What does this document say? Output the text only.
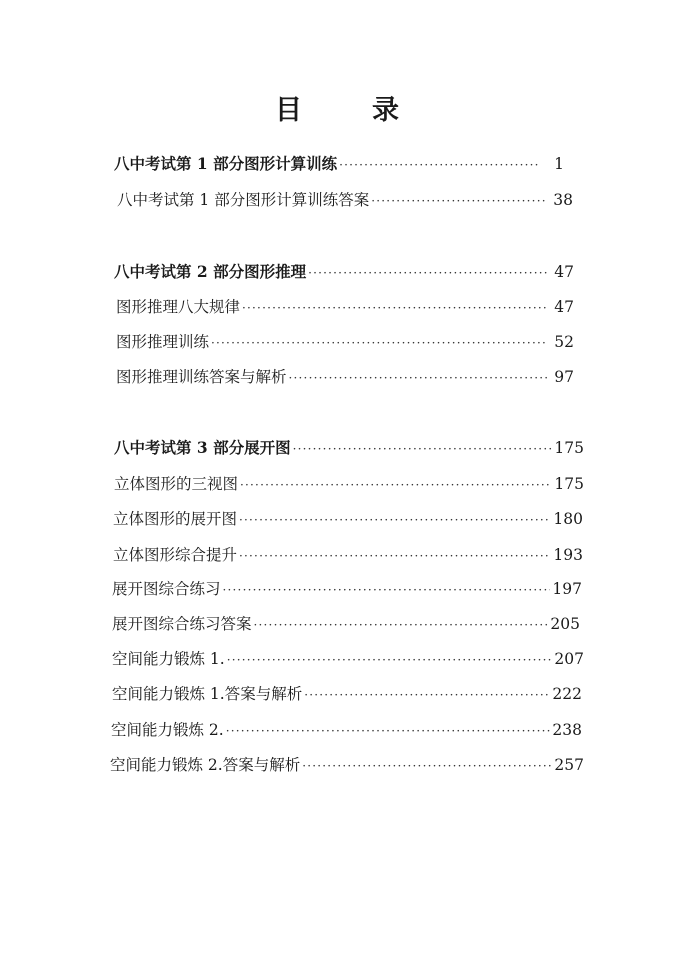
目	录
八中考试第 1 部分图形计算训练 ·····	1
八中考试第 1 部分图形计算训练答案 ·····	38
八中考试第 2 部分图形推理 ·····	47
图形推理八大规律 ·····	47
图形推理训练 ·····	52
图形推理训练答案与解析 ·····	97
八中考试第 3 部分展开图 ·····	175
立体图形的三视图 ·····	175
立体图形的展开图 ·····	180
立体图形综合提升 ·····	193
展开图综合练习 ·····	197
展开图综合练习答案 ·····	205
空间能力锻炼 1. ·····	207
空间能力锻炼 1.答案与解析 ·····	222
空间能力锻炼 2. ·····	238
空间能力锻炼 2.答案与解析 ·····	257
